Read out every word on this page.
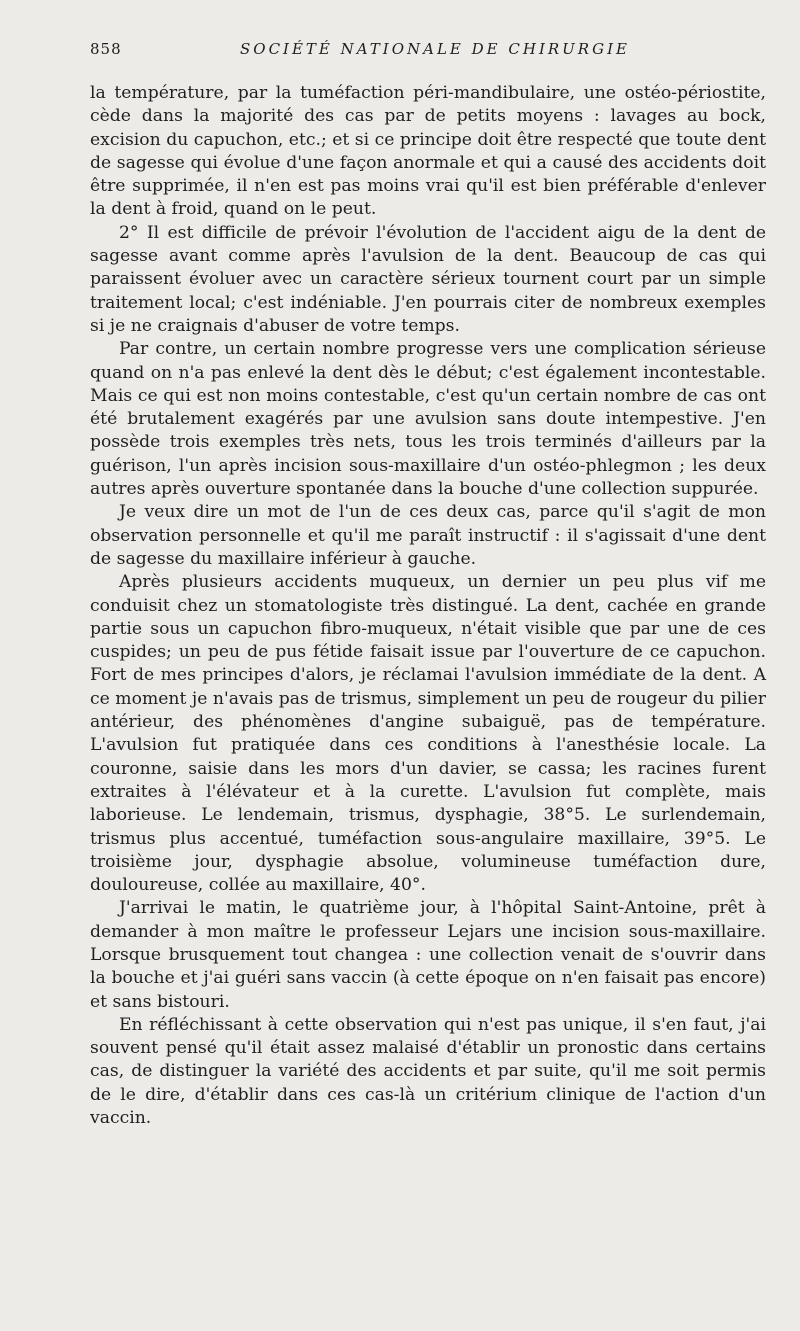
858	SOCIÉTÉ NATIONALE DE CHIRURGIE

la température, par la tuméfaction péri-mandibulaire, une ostéo-périostite, cède dans la majorité des cas par de petits moyens : lavages au bock, excision du capuchon, etc.; et si ce principe doit être respecté que toute dent de sagesse qui évolue d'une façon anormale et qui a causé des accidents doit être supprimée, il n'en est pas moins vrai qu'il est bien préférable d'enlever la dent à froid, quand on le peut.

2° Il est difficile de prévoir l'évolution de l'accident aigu de la dent de sagesse avant comme après l'avulsion de la dent. Beaucoup de cas qui paraissent évoluer avec un caractère sérieux tournent court par un simple traitement local; c'est indéniable. J'en pourrais citer de nombreux exemples si je ne craignais d'abuser de votre temps.

Par contre, un certain nombre progresse vers une complication sérieuse quand on n'a pas enlevé la dent dès le début; c'est également incontestable. Mais ce qui est non moins contestable, c'est qu'un certain nombre de cas ont été brutalement exagérés par une avulsion sans doute intempestive. J'en possède trois exemples très nets, tous les trois terminés d'ailleurs par la guérison, l'un après incision sous-maxillaire d'un ostéo-phlegmon ; les deux autres après ouverture spontanée dans la bouche d'une collection suppurée.

Je veux dire un mot de l'un de ces deux cas, parce qu'il s'agit de mon observation personnelle et qu'il me paraît instructif : il s'agissait d'une dent de sagesse du maxillaire inférieur à gauche.

Après plusieurs accidents muqueux, un dernier un peu plus vif me conduisit chez un stomatologiste très distingué. La dent, cachée en grande partie sous un capuchon fibro-muqueux, n'était visible que par une de ces cuspides; un peu de pus fétide faisait issue par l'ouverture de ce capuchon. Fort de mes principes d'alors, je réclamai l'avulsion immédiate de la dent. A ce moment je n'avais pas de trismus, simplement un peu de rougeur du pilier antérieur, des phénomènes d'angine subaiguë, pas de température. L'avulsion fut pratiquée dans ces conditions à l'anesthésie locale. La couronne, saisie dans les mors d'un davier, se cassa; les racines furent extraites à l'élévateur et à la curette. L'avulsion fut complète, mais laborieuse. Le lendemain, trismus, dysphagie, 38°5. Le surlendemain, trismus plus accentué, tuméfaction sous-angulaire maxillaire, 39°5. Le troisième jour, dysphagie absolue, volumineuse tuméfaction dure, douloureuse, collée au maxillaire, 40°.

J'arrivai le matin, le quatrième jour, à l'hôpital Saint-Antoine, prêt à demander à mon maître le professeur Lejars une incision sous-maxillaire. Lorsque brusquement tout changea : une collection venait de s'ouvrir dans la bouche et j'ai guéri sans vaccin (à cette époque on n'en faisait pas encore) et sans bistouri.

En réfléchissant à cette observation qui n'est pas unique, il s'en faut, j'ai souvent pensé qu'il était assez malaisé d'établir un pronostic dans certains cas, de distinguer la variété des accidents et par suite, qu'il me soit permis de le dire, d'établir dans ces cas-là un critérium clinique de l'action d'un vaccin.
